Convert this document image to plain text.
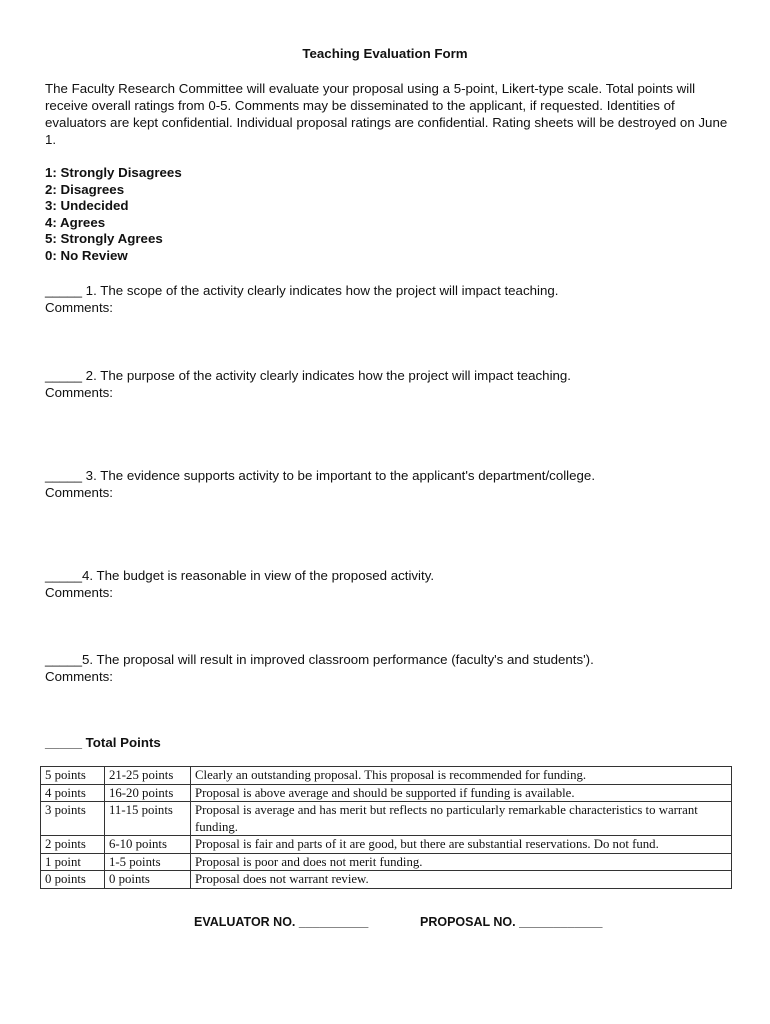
Teaching Evaluation Form
The Faculty Research Committee will evaluate your proposal using a 5-point, Likert-type scale. Total points will receive overall ratings from 0-5. Comments may be disseminated to the applicant, if requested. Identities of evaluators are kept confidential. Individual proposal ratings are confidential. Rating sheets will be destroyed on June 1.
1: Strongly Disagrees
2: Disagrees
3: Undecided
4: Agrees
5: Strongly Agrees
0: No Review
_____ 1. The scope of the activity clearly indicates how the project will impact teaching.
Comments:
_____ 2. The purpose of the activity clearly indicates how the project will impact teaching.
Comments:
_____ 3. The evidence supports activity to be important to the applicant's department/college.
Comments:
_____4. The budget is reasonable in view of the proposed activity.
Comments:
_____5. The proposal will result in improved classroom performance (faculty's and students').
Comments:
_____ Total Points
5 points	21-25 points	Clearly an outstanding proposal. This proposal is recommended for funding.
4 points	16-20 points	Proposal is above average and should be supported if funding is available.
3 points	11-15 points	Proposal is average and has merit but reflects no particularly remarkable characteristics to warrant funding.
2 points	6-10 points	Proposal is fair and parts of it are good, but there are substantial reservations. Do not fund.
1 point	1-5 points	Proposal is poor and does not merit funding.
0 points	0 points	Proposal does not warrant review.
EVALUATOR NO. __________	PROPOSAL NO. ____________
